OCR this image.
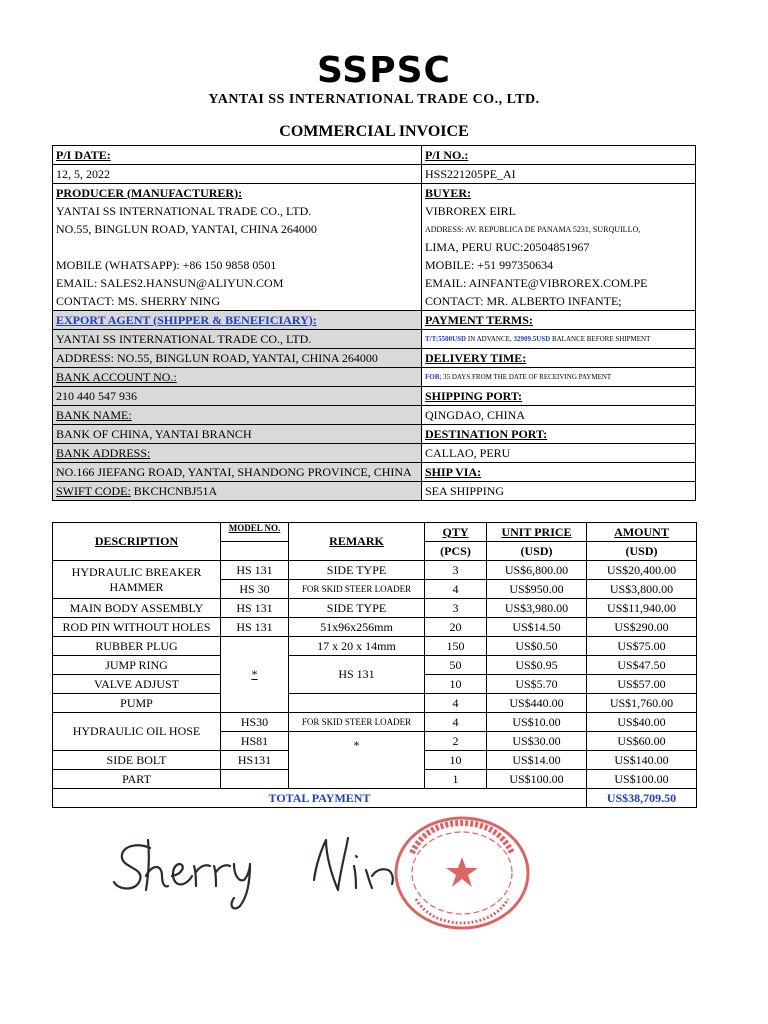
SSPSC
YANTAI SS INTERNATIONAL TRADE CO., LTD.
COMMERCIAL INVOICE
P/I DATE:	P/I NO.:
12, 5, 2022	HSS221205PE_AI
PRODUCER (MANUFACTURER):	BUYER:
YANTAI SS INTERNATIONAL TRADE CO., LTD.	VIBROREX EIRL
NO.55, BINGLUN ROAD, YANTAI, CHINA 264000	ADDRESS: AV. REPUBLICA DE PANAMA 5231, SURQUILLO,
	LIMA, PERU RUC:20504851967
MOBILE (WHATSAPP): +86 150 9858 0501	MOBILE: +51 997350634
EMAIL: SALES2.HANSUN@ALIYUN.COM	EMAIL: AINFANTE@VIBROREX.COM.PE
CONTACT: MS. SHERRY NING	CONTACT: MR. ALBERTO INFANTE;
EXPORT AGENT (SHIPPER & BENEFICIARY):	PAYMENT TERMS:
YANTAI SS INTERNATIONAL TRADE CO., LTD.	T/T:5500USD IN ADVANCE, 32909.5USD BALANCE BEFORE SHIPMENT
ADDRESS: NO.55, BINGLUN ROAD, YANTAI, CHINA 264000	DELIVERY TIME:
BANK ACCOUNT NO.:	FOB; 35 DAYS FROM THE DATE OF RECEIVING PAYMENT
210 440 547 936	SHIPPING PORT:
BANK NAME:	QINGDAO, CHINA
BANK OF CHINA, YANTAI BRANCH	DESTINATION PORT:
BANK ADDRESS:	CALLAO, PERU
NO.166 JIEFANG ROAD, YANTAI, SHANDONG PROVINCE, CHINA	SHIP VIA:
SWIFT CODE: BKCHCNBJ51A	SEA SHIPPING
DESCRIPTION	MODEL NO.	REMARK	QTY	UNIT PRICE	AMOUNT
			(PCS)	(USD)	(USD)
HYDRAULIC BREAKER HAMMER	HS 131	SIDE TYPE	3	US$6,800.00	US$20,400.00
	HS 30	FOR SKID STEER LOADER	4	US$950.00	US$3,800.00
MAIN BODY ASSEMBLY	HS 131	SIDE TYPE	3	US$3,980.00	US$11,940.00
ROD PIN WITHOUT HOLES	HS 131	51x96x256mm	20	US$14.50	US$290.00
RUBBER PLUG	*	17 x 20 x 14mm	150	US$0.50	US$75.00
JUMP RING		HS 131	50	US$0.95	US$47.50
VALVE ADJUST			10	US$5.70	US$57.00
PUMP			4	US$440.00	US$1,760.00
HYDRAULIC OIL HOSE	HS30	FOR SKID STEER LOADER	4	US$10.00	US$40.00
	HS81	*	2	US$30.00	US$60.00
SIDE BOLT	HS131		10	US$14.00	US$140.00
PART			1	US$100.00	US$100.00
TOTAL PAYMENT					US$38,709.50
